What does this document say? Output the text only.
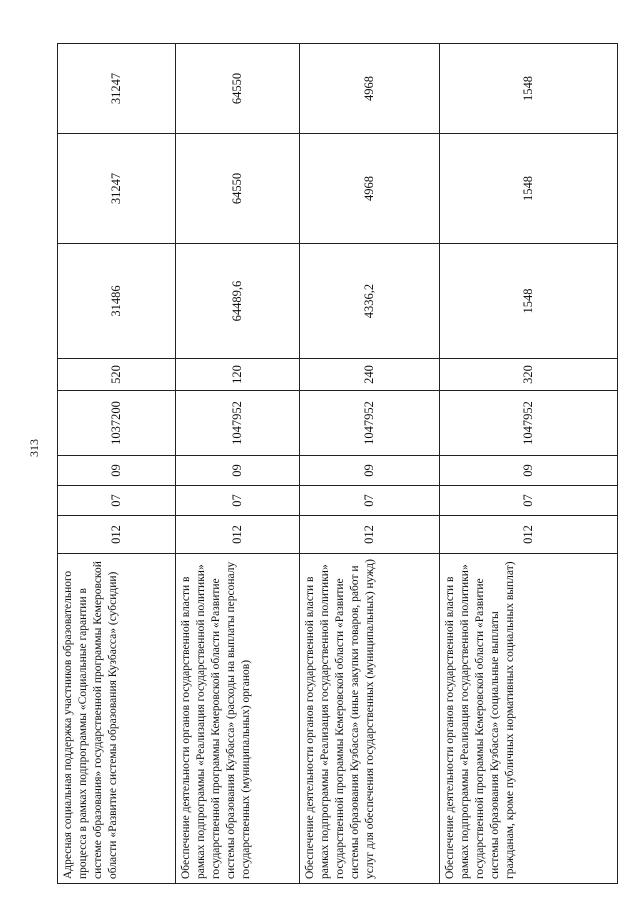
313
Адресная социальная поддержка участников образовательного процесса в рамках подпрограммы «Социальные гарантии в системе образования» государственной программы Кемеровской области «Развитие системы образования Кузбасса» (субсидии)	012	07	09	1037200	520	31486	31247	31247
Обеспечение деятельности органов государственной власти в рамках подпрограммы «Реализация государственной политики» государственной программы Кемеровской области «Развитие системы образования Кузбасса» (расходы на выплаты персоналу государственных (муниципальных) органов)	012	07	09	1047952	120	64489,6	64550	64550
Обеспечение деятельности органов государственной власти в рамках подпрограммы «Реализация государственной политики» государственной программы Кемеровской области «Развитие системы образования Кузбасса» (иные закупки товаров, работ и услуг для обеспечения государственных (муниципальных) нужд)	012	07	09	1047952	240	4336,2	4968	4968
Обеспечение деятельности органов государственной власти в рамках подпрограммы «Реализация государственной политики» государственной программы Кемеровской области «Развитие системы образования Кузбасса» (социальные выплаты гражданам, кроме публичных нормативных социальных выплат)	012	07	09	1047952	320	1548	1548	1548
